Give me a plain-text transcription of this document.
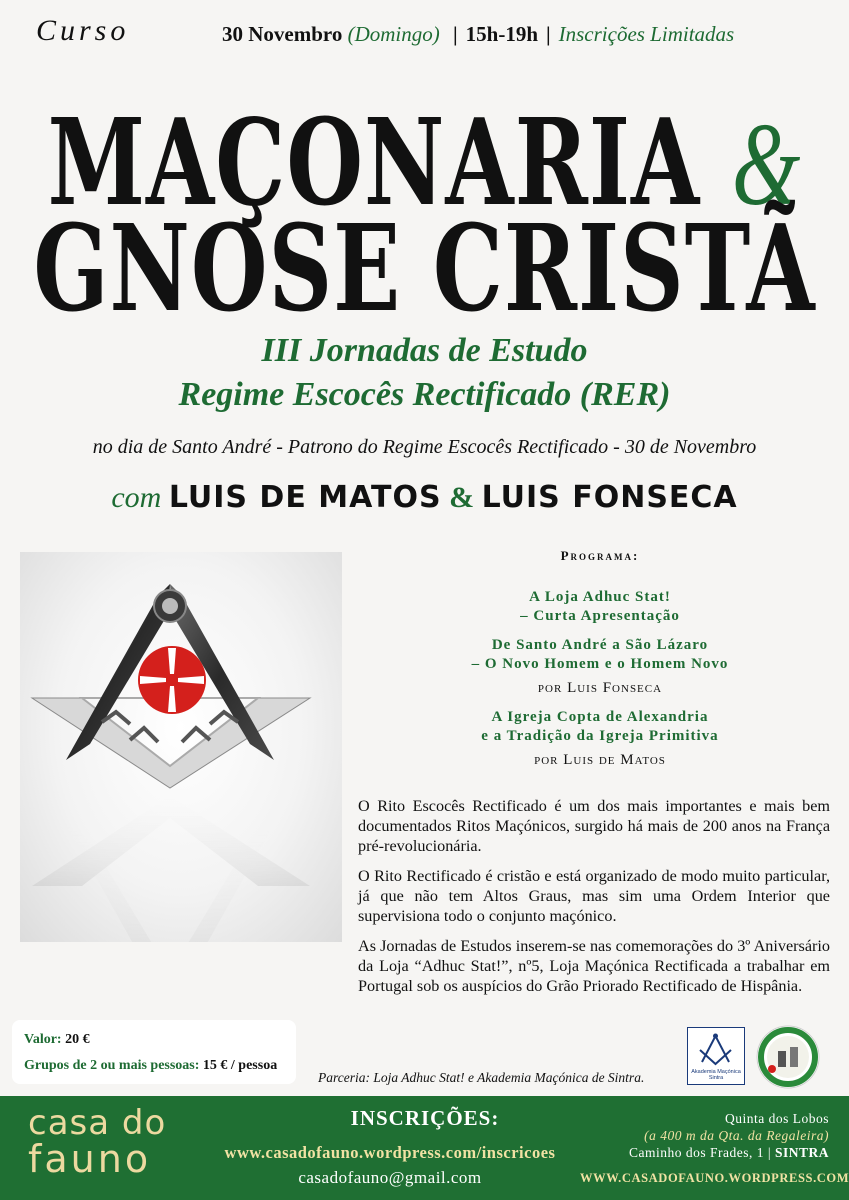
Curso	30 Novembro (Domingo) | 15h-19h | Inscrições Limitadas
MAÇONARIA &
GNOSE CRISTÃ
III Jornadas de Estudo
Regime Escocês Rectificado (RER)
no dia de Santo André - Patrono do Regime Escocês Rectificado - 30 de Novembro
com LUIS DE MATOS & LUIS FONSECA
Programa:
A Loja Adhuc Stat!
– Curta Apresentação
De Santo André a São Lázaro
– O Novo Homem e o Homem Novo
por Luis Fonseca
A Igreja Copta de Alexandria
e a Tradição da Igreja Primitiva
por Luis de Matos

O Rito Escocês Rectificado é um dos mais importantes e mais bem documentados Ritos Maçónicos, surgido há mais de 200 anos na França pré-revolucionária.

O Rito Rectificado é cristão e está organizado de modo muito particular, já que não tem Altos Graus, mas sim uma Ordem Interior que supervisiona todo o conjunto maçónico.

As Jornadas de Estudos inserem-se nas comemorações do 3º Aniversário da Loja “Adhuc Stat!”, nº5, Loja Maçónica Rectificada a trabalhar em Portugal sob os auspícios do Grão Priorado Rectificado de Hispânia.

Valor: 20 €
Grupos de 2 ou mais pessoas: 15 € / pessoa
Parceria: Loja Adhuc Stat! e Akademia Maçónica de Sintra.	Akademia Maçónica Sintra
casa do
fauno
INSCRIÇÕES:
www.casadofauno.wordpress.com/inscricoes
casadofauno@gmail.com
Quinta dos Lobos
(a 400 m da Qta. da Regaleira)
Caminho dos Frades, 1 | SINTRA
WWW.CASADOFAUNO.WORDPRESS.COM
